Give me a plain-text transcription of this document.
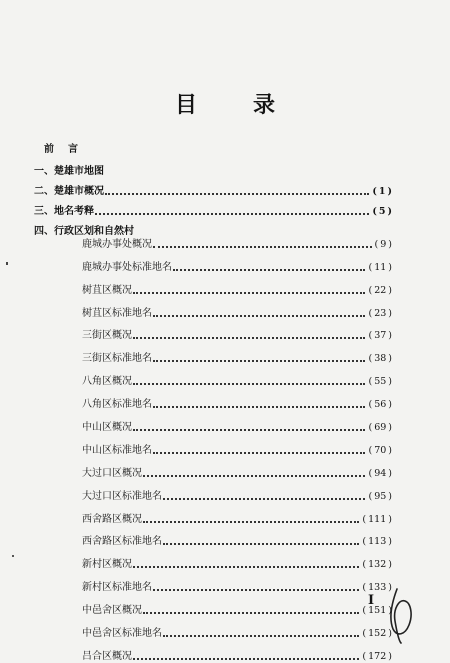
目录
前言
一、楚雄市地图
二、楚雄市概况	( 1 )
三、地名考释	( 5 )
四、行政区划和自然村
鹿城办事处概况	( 9 )
鹿城办事处标准地名	( 11 )
树苴区概况	( 22 )
树苴区标准地名	( 23 )
三街区概况	( 37 )
三街区标准地名	( 38 )
八角区概况	( 55 )
八角区标准地名	( 56 )
中山区概况	( 69 )
中山区标准地名	( 70 )
大过口区概况	( 94 )
大过口区标准地名	( 95 )
西舍路区概况	( 111 )
西舍路区标准地名	( 113 )
新村区概况	( 132 )
新村区标准地名	( 133 )
中邑舍区概况	( 151 )
中邑舍区标准地名	( 152 )
吕合区概况	( 172 )
I
